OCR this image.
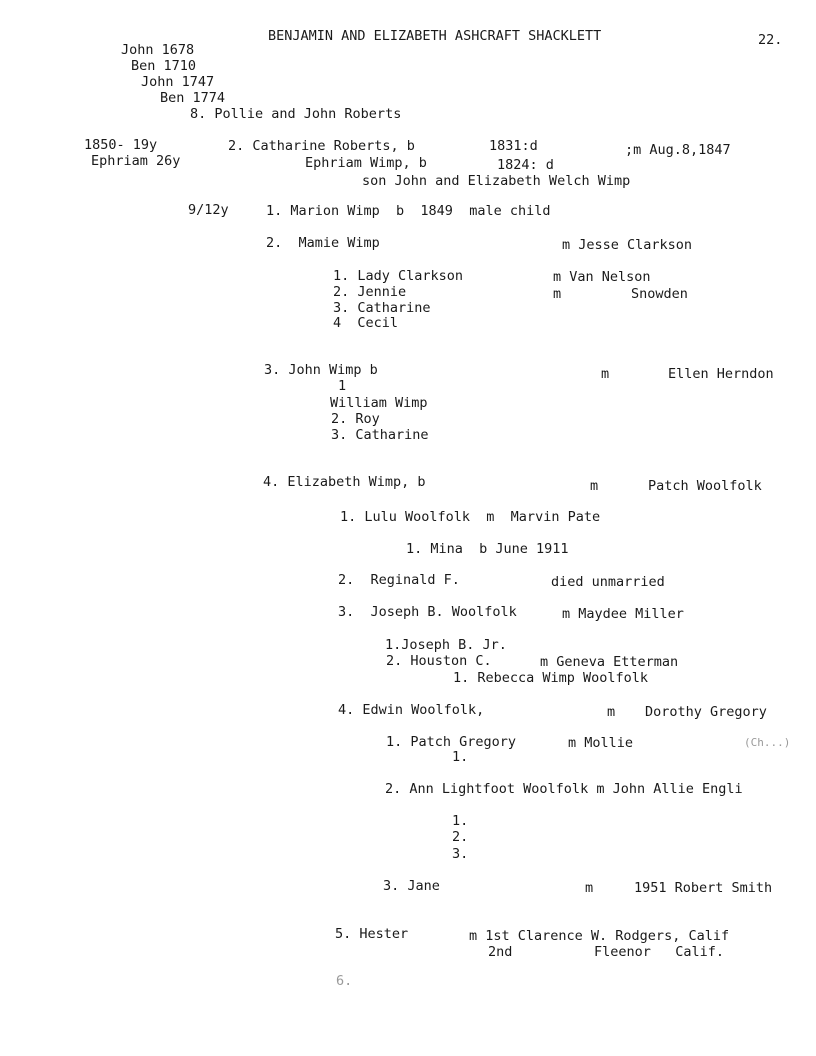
BENJAMIN AND ELIZABETH ASHCRAFT SHACKLETT	22.
John 1678
Ben 1710
John 1747
Ben 1774
8. Pollie and John Roberts
1850- 19y
Ephriam 26y
2. Catharine Roberts, b	1831:d	;m Aug.8,1847
Ephriam Wimp, b	1824: d
son John and Elizabeth Welch Wimp
9/12y	1. Marion Wimp  b  1849  male child
2.  Mamie Wimp	m Jesse Clarkson
1. Lady Clarkson	m Van Nelson
2. Jennie	m	Snowden
3. Catharine
4  Cecil
3. John Wimp b	m	Ellen Herndon
1
William Wimp
2. Roy
3. Catharine
4. Elizabeth Wimp, b	m	Patch Woolfolk
1. Lulu Woolfolk  m  Marvin Pate
1. Mina  b June 1911
2.  Reginald F.	died unmarried
3.  Joseph B. Woolfolk	m Maydee Miller
1.Joseph B. Jr.
2. Houston C.	m Geneva Etterman
1. Rebecca Wimp Woolfolk
4. Edwin Woolfolk,	m Dorothy Gregory
1. Patch Gregory	m Mollie	(Ch...)
1.
2. Ann Lightfoot Woolfolk m John Allie Engli
1.
2.
3.
3. Jane	m	1951 Robert Smith
5. Hester	m 1st Clarence W. Rodgers, Calif
2nd	Fleenor   Calif.
6.
